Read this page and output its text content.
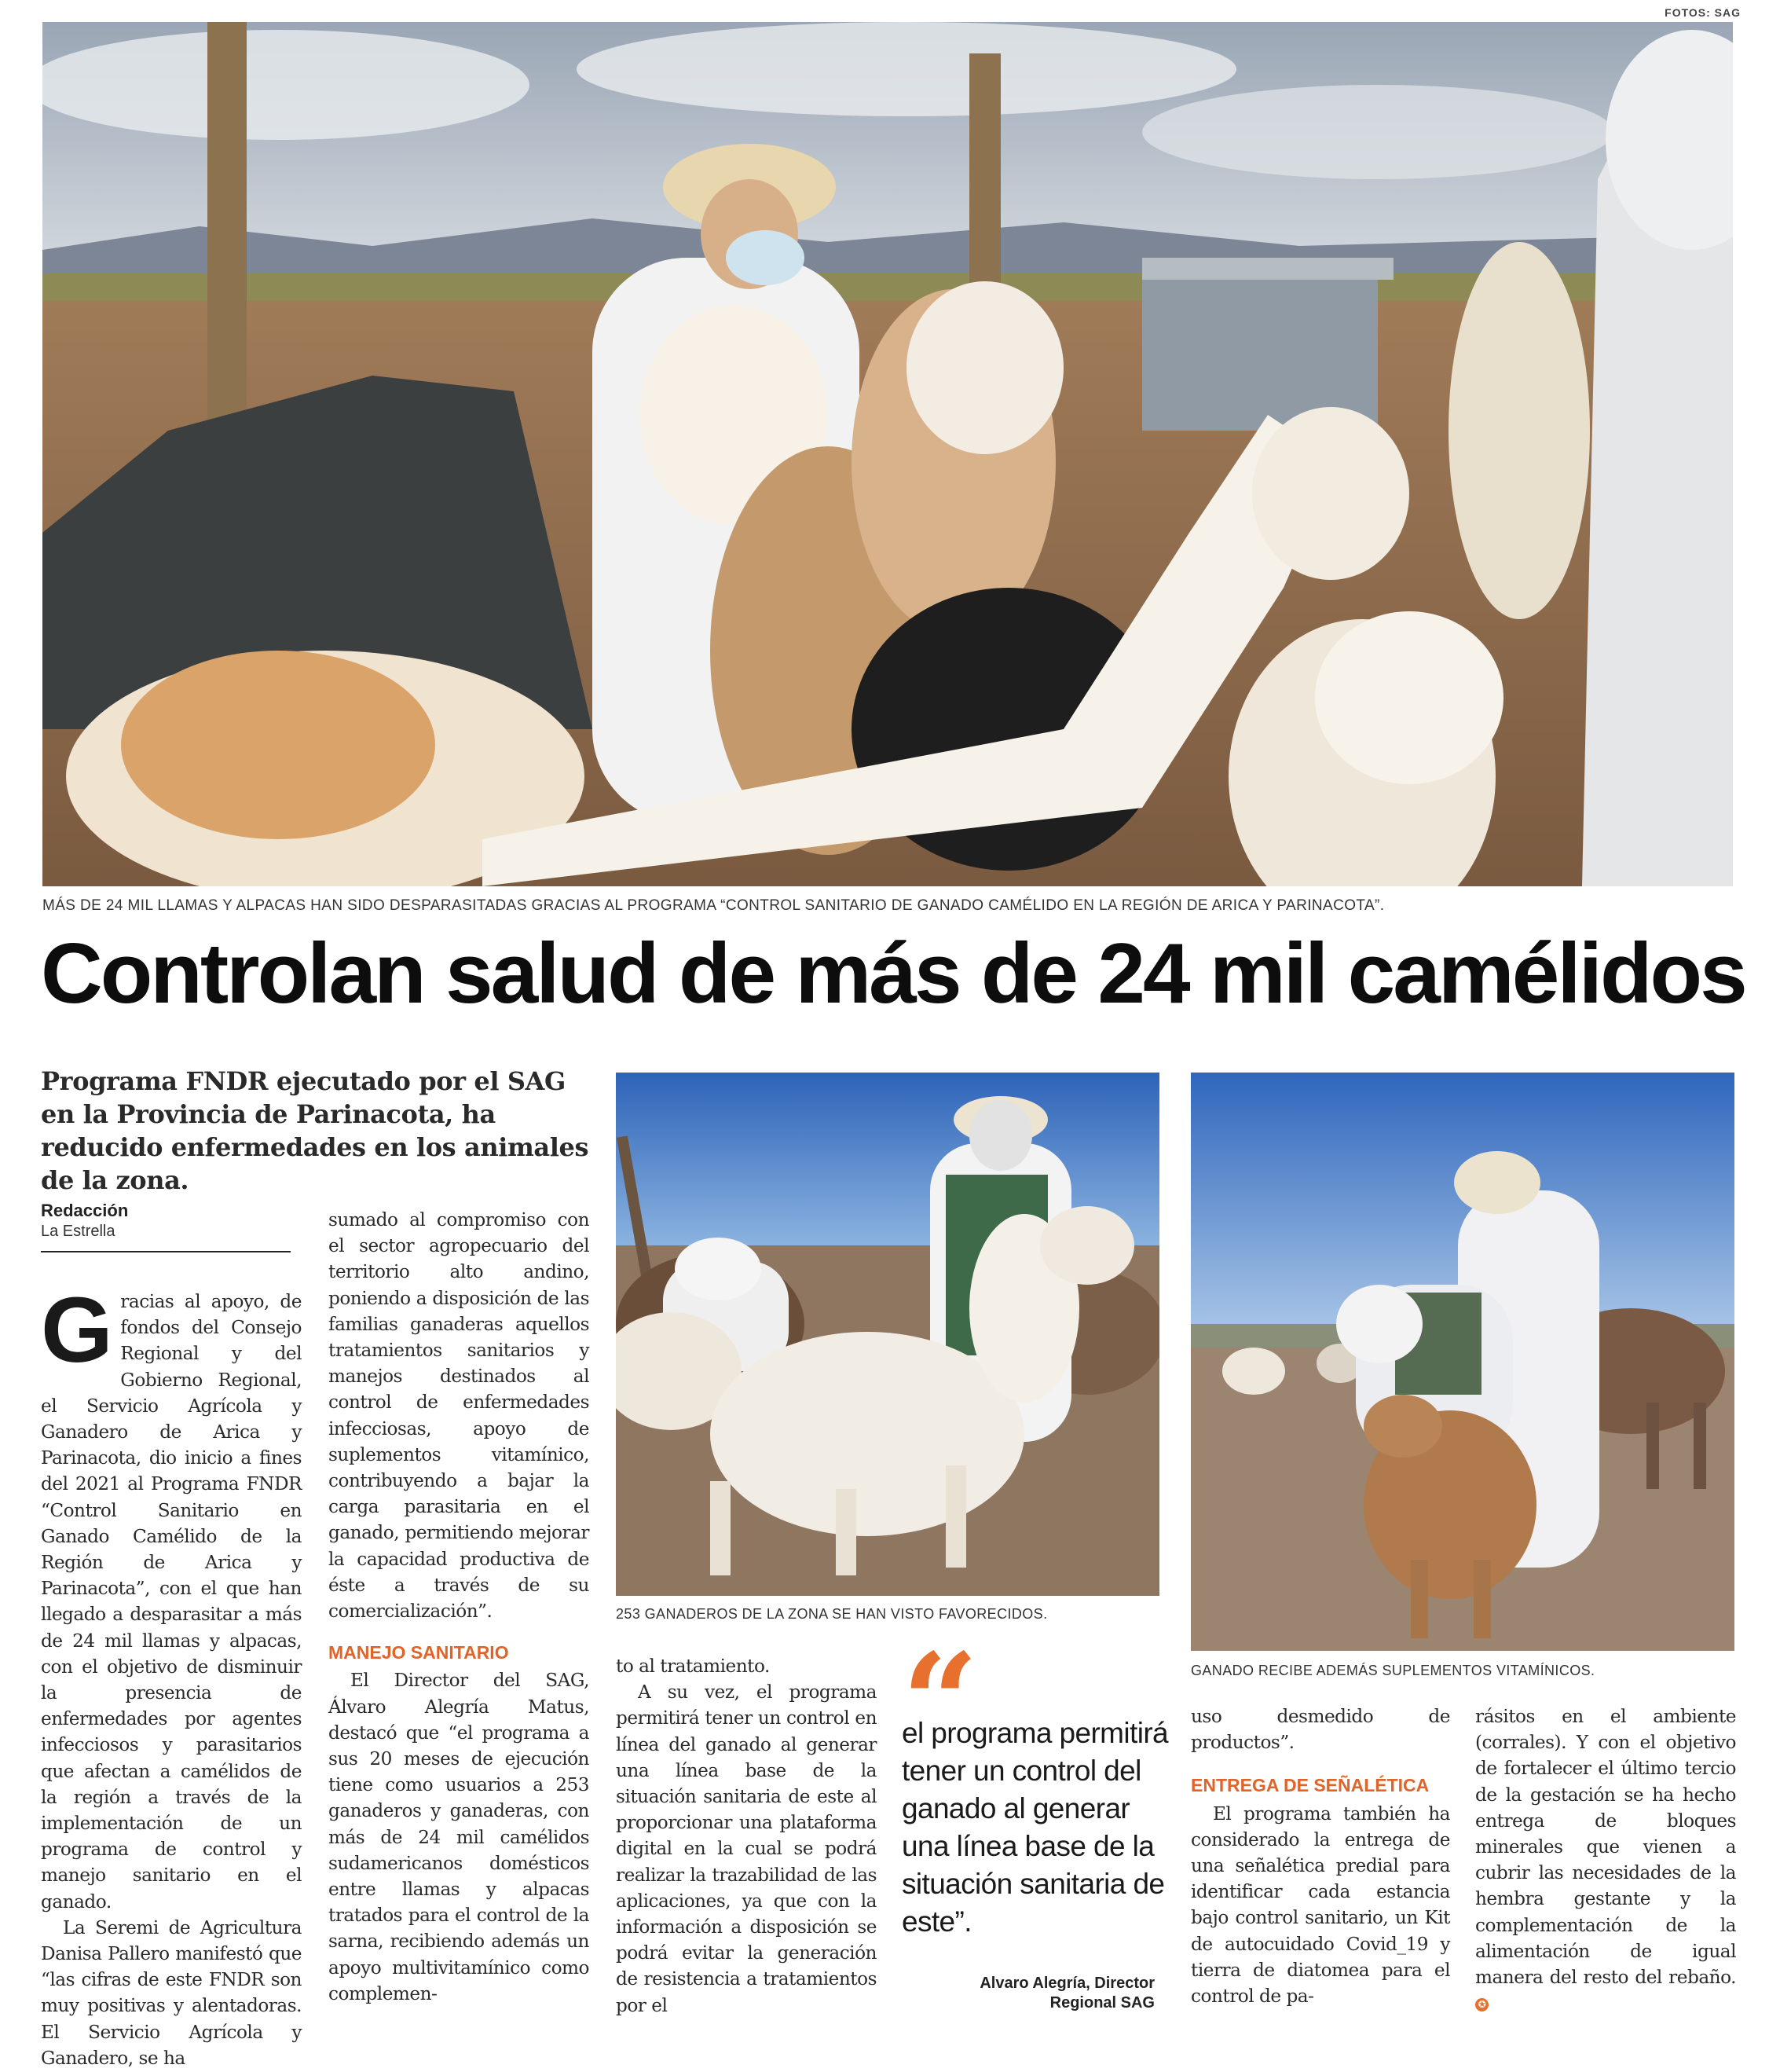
FOTOS: SAG
MÁS DE 24 MIL LLAMAS Y ALPACAS HAN SIDO DESPARASITADAS GRACIAS AL PROGRAMA “CONTROL SANITARIO DE GANADO CAMÉLIDO EN LA REGIÓN DE ARICA Y PARINACOTA”.
Controlan salud de más de 24 mil camélidos
Programa FNDR ejecutado por el SAG en la Provincia de Parinacota, ha reducido enfermedades en los animales de la zona.
Redacción
La Estrella

Gracias al apoyo, de fondos del Consejo Regional y del Gobierno Regional, el Servicio Agrícola y Ganadero de Arica y Parinacota, dio inicio a fines del 2021 al Programa FNDR “Control Sanitario en Ganado Camélido de la Región de Arica y Parinacota”, con el que han llegado a desparasitar a más de 24 mil llamas y alpacas, con el objetivo de disminuir la presencia de enfermedades por agentes infecciosos y parasitarios que afectan a camélidos de la región a través de la implementación de un programa de control y manejo sanitario en el ganado.

La Seremi de Agricultura Danisa Pallero manifestó que “las cifras de este FNDR son muy positivas y alentadoras. El Servicio Agrícola y Ganadero, se ha

sumado al compromiso con el sector agropecuario del territorio alto andino, poniendo a disposición de las familias ganaderas aquellos tratamientos sanitarios y manejos destinados al control de enfermedades infecciosas, apoyo de suplementos vitamínico, contribuyendo a bajar la carga parasitaria en el ganado, permitiendo mejorar la capacidad productiva de éste a través de su comercialización”.

MANEJO SANITARIO

El Director del SAG, Álvaro Alegría Matus, destacó que “el programa a sus 20 meses de ejecución tiene como usuarios a 253 ganaderos y ganaderas, con más de 24 mil camélidos sudamericanos domésticos entre llamas y alpacas tratados para el control de la sarna, recibiendo además un apoyo multivitamínico como complemen-

253 GANADEROS DE LA ZONA SE HAN VISTO FAVORECIDOS.

to al tratamiento.

A su vez, el programa permitirá tener un control en línea del ganado al generar una línea base de la situación sanitaria de este al proporcionar una plataforma digital en la cual se podrá realizar la trazabilidad de las aplicaciones, ya que con la información a disposición se podrá evitar la generación de resistencia a tratamientos por el

“
el programa permitirá tener un control del ganado al generar una línea base de la situación sanitaria de este”.
Alvaro Alegría, Director
Regional SAG
GANADO RECIBE ADEMÁS SUPLEMENTOS VITAMÍNICOS.

uso desmedido de productos”.

ENTREGA DE SEÑALÉTICA

El programa también ha considerado la entrega de una señalética predial para identificar cada estancia bajo control sanitario, un Kit de autocuidado Covid_19 y tierra de diatomea para el control de pa-

rásitos en el ambiente (corrales). Y con el objetivo de fortalecer el último tercio de la gestación se ha hecho entrega de bloques minerales que vienen a cubrir las necesidades de la hembra gestante y la complementación de la alimentación de igual manera del resto del rebaño. ✪
